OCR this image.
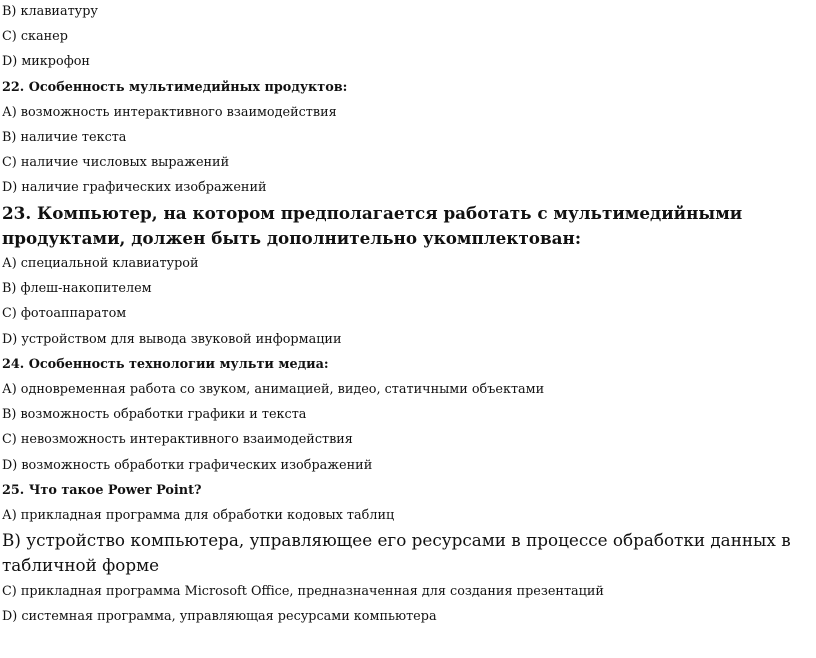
В) клавиатуру
С) сканер
D) микрофон
22. Особенность мультимедийных продуктов:
А) возможность интерактивного взаимодействия
В) наличие текста
С) наличие числовых выражений
D) наличие графических изображений
23. Компьютер, на котором предполагается работать с мультимедийными продуктами, должен быть дополнительно укомплектован:
А) специальной клавиатурой
В) флеш-накопителем
С) фотоаппаратом
D) устройством для вывода звуковой информации
24. Особенность технологии мульти медиа:
А) одновременная работа со звуком, анимацией, видео, статичными объектами
В) возможность обработки графики и текста
С) невозможность интерактивного взаимодействия
D) возможность обработки графических изображений
25. Что такое Power Point?
А) прикладная программа для обработки кодовых таблиц
В) устройство компьютера, управляющее его ресурсами в процессе обработки данных в табличной форме
С) прикладная программа Microsoft Office, предназначенная для создания презентаций
D) системная программа, управляющая ресурсами компьютера
